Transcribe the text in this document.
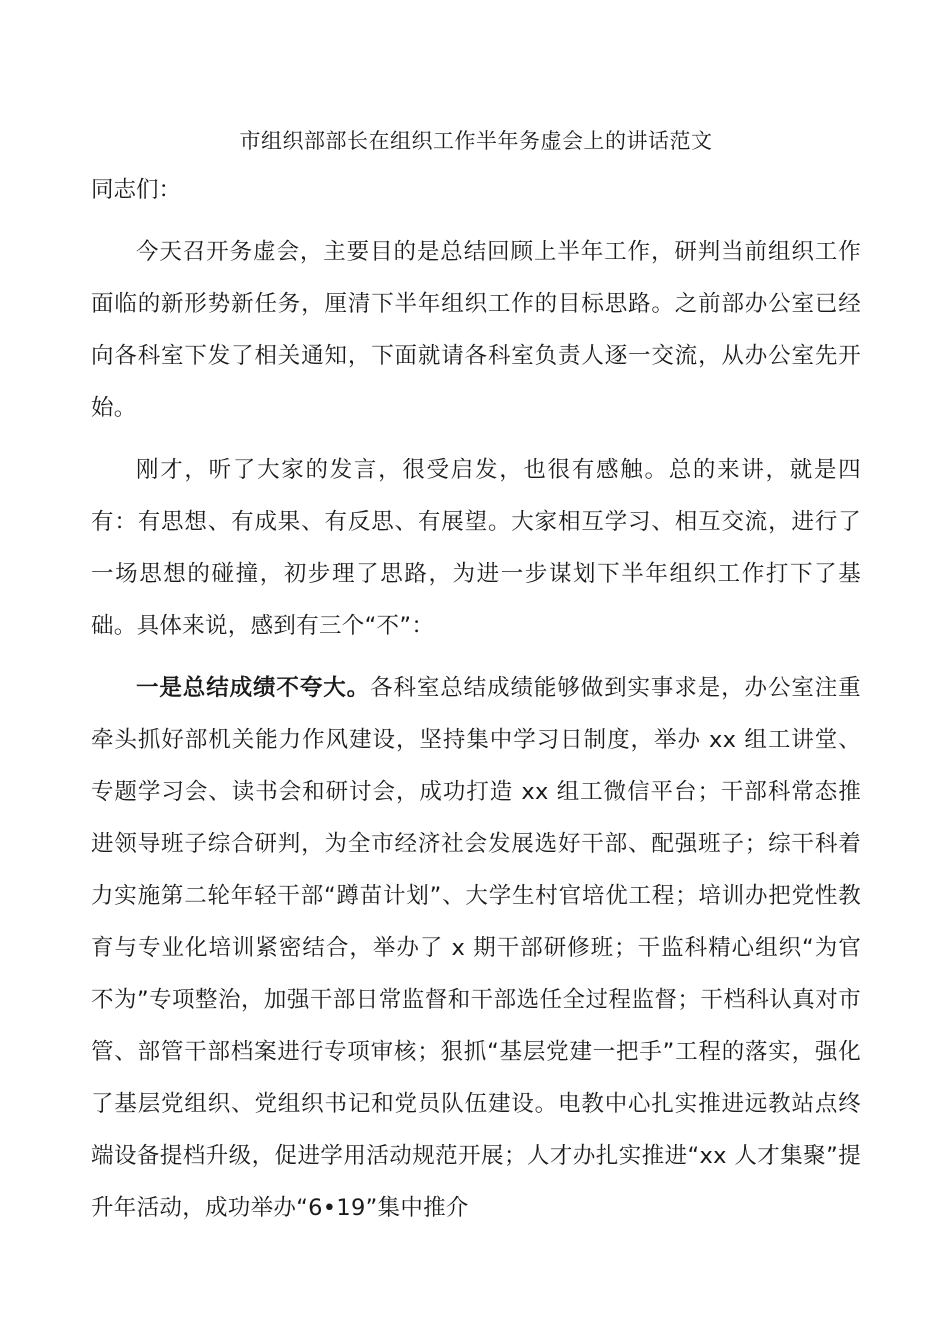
市组织部部长在组织工作半年务虚会上的讲话范文
同志们：

今天召开务虚会，主要目的是总结回顾上半年工作，研判当前组织工作面临的新形势新任务，厘清下半年组织工作的目标思路。之前部办公室已经向各科室下发了相关通知，下面就请各科室负责人逐一交流，从办公室先开始。

刚才，听了大家的发言，很受启发，也很有感触。总的来讲，就是四有：有思想、有成果、有反思、有展望。大家相互学习、相互交流，进行了一场思想的碰撞，初步理了思路，为进一步谋划下半年组织工作打下了基础。具体来说，感到有三个“不”：

一是总结成绩不夸大。各科室总结成绩能够做到实事求是，办公室注重牵头抓好部机关能力作风建设，坚持集中学习日制度，举办 xx 组工讲堂、专题学习会、读书会和研讨会，成功打造 xx 组工微信平台；干部科常态推进领导班子综合研判，为全市经济社会发展选好干部、配强班子；综干科着力实施第二轮年轻干部“蹲苗计划”、大学生村官培优工程；培训办把党性教育与专业化培训紧密结合，举办了 x 期干部研修班；干监科精心组织“为官不为”专项整治，加强干部日常监督和干部选任全过程监督；干档科认真对市管、部管干部档案进行专项审核；狠抓“基层党建一把手”工程的落实，强化了基层党组织、党组织书记和党员队伍建设。电教中心扎实推进远教站点终端设备提档升级，促进学用活动规范开展；人才办扎实推进“xx 人才集聚”提升年活动，成功举办“6•19”集中推介
